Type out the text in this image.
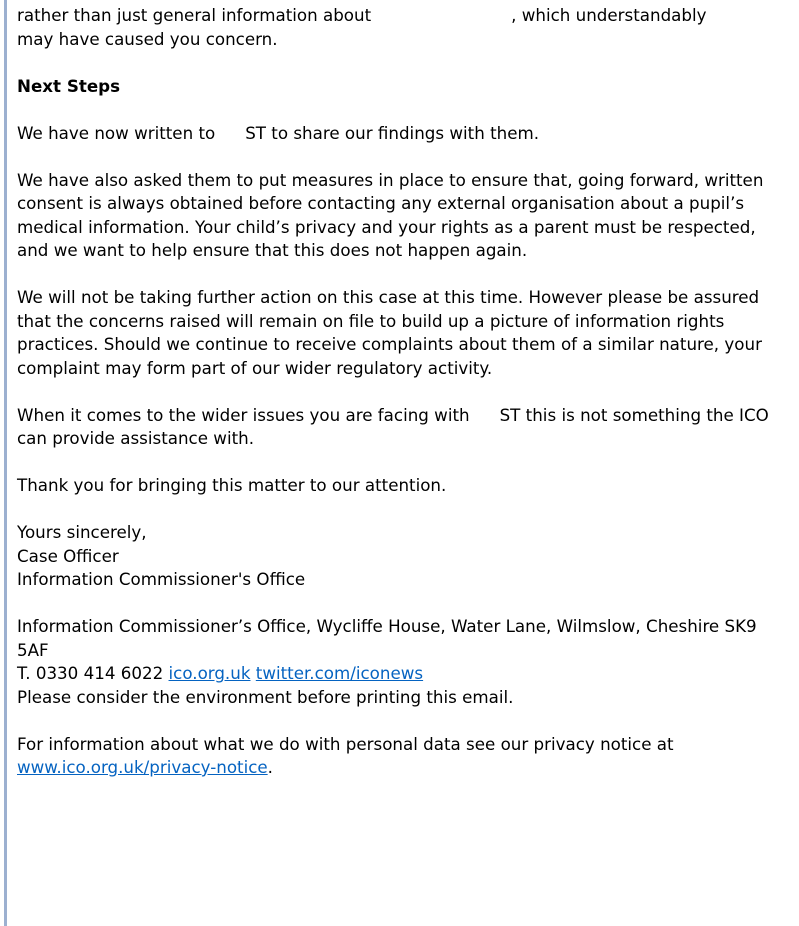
rather than just general information about	, which understandably
may have caused you concern.

Next Steps

We have now written to ST to share our findings with them.

We have also asked them to put measures in place to ensure that, going forward, written consent is always obtained before contacting any external organisation about a pupil’s medical information. Your child’s privacy and your rights as a parent must be respected, and we want to help ensure that this does not happen again.

We will not be taking further action on this case at this time. However please be assured that the concerns raised will remain on file to build up a picture of information rights practices. Should we continue to receive complaints about them of a similar nature, your complaint may form part of our wider regulatory activity.

When it comes to the wider issues you are facing with ST this is not something the ICO can provide assistance with.

Thank you for bringing this matter to our attention.

Yours sincerely,

Case Officer

Information Commissioner's Office

Information Commissioner’s Office, Wycliffe House, Water Lane, Wilmslow, Cheshire SK9 5AF

T. 0330 414 6022 ico.org.uk twitter.com/iconews

Please consider the environment before printing this email.

For information about what we do with personal data see our privacy notice at www.ico.org.uk/privacy-notice.
